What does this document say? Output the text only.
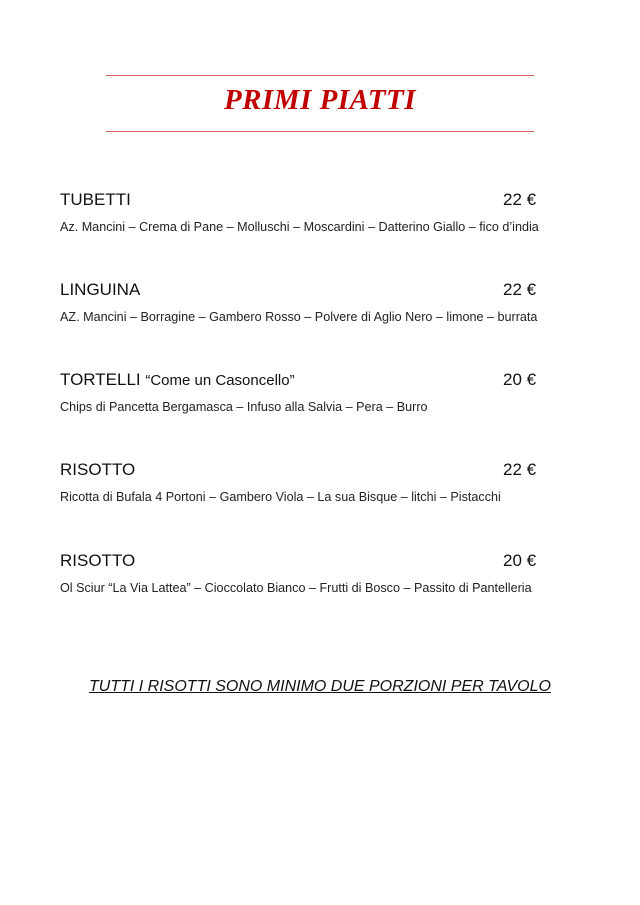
PRIMI PIATTI
TUBETTI	22 €
Az. Mancini – Crema di Pane – Molluschi – Moscardini – Datterino Giallo – fico d’india
LINGUINA	22 €
AZ. Mancini – Borragine – Gambero Rosso – Polvere di Aglio Nero – limone – burrata
TORTELLI “Come un Casoncello”	20 €
Chips di Pancetta Bergamasca – Infuso alla Salvia – Pera – Burro
RISOTTO	22 €
Ricotta di Bufala 4 Portoni – Gambero Viola – La sua Bisque – litchi – Pistacchi
RISOTTO	20 €
Ol Sciur “La Via Lattea” – Cioccolato Bianco – Frutti di Bosco – Passito di Pantelleria
TUTTI I RISOTTI SONO MINIMO DUE PORZIONI PER TAVOLO
